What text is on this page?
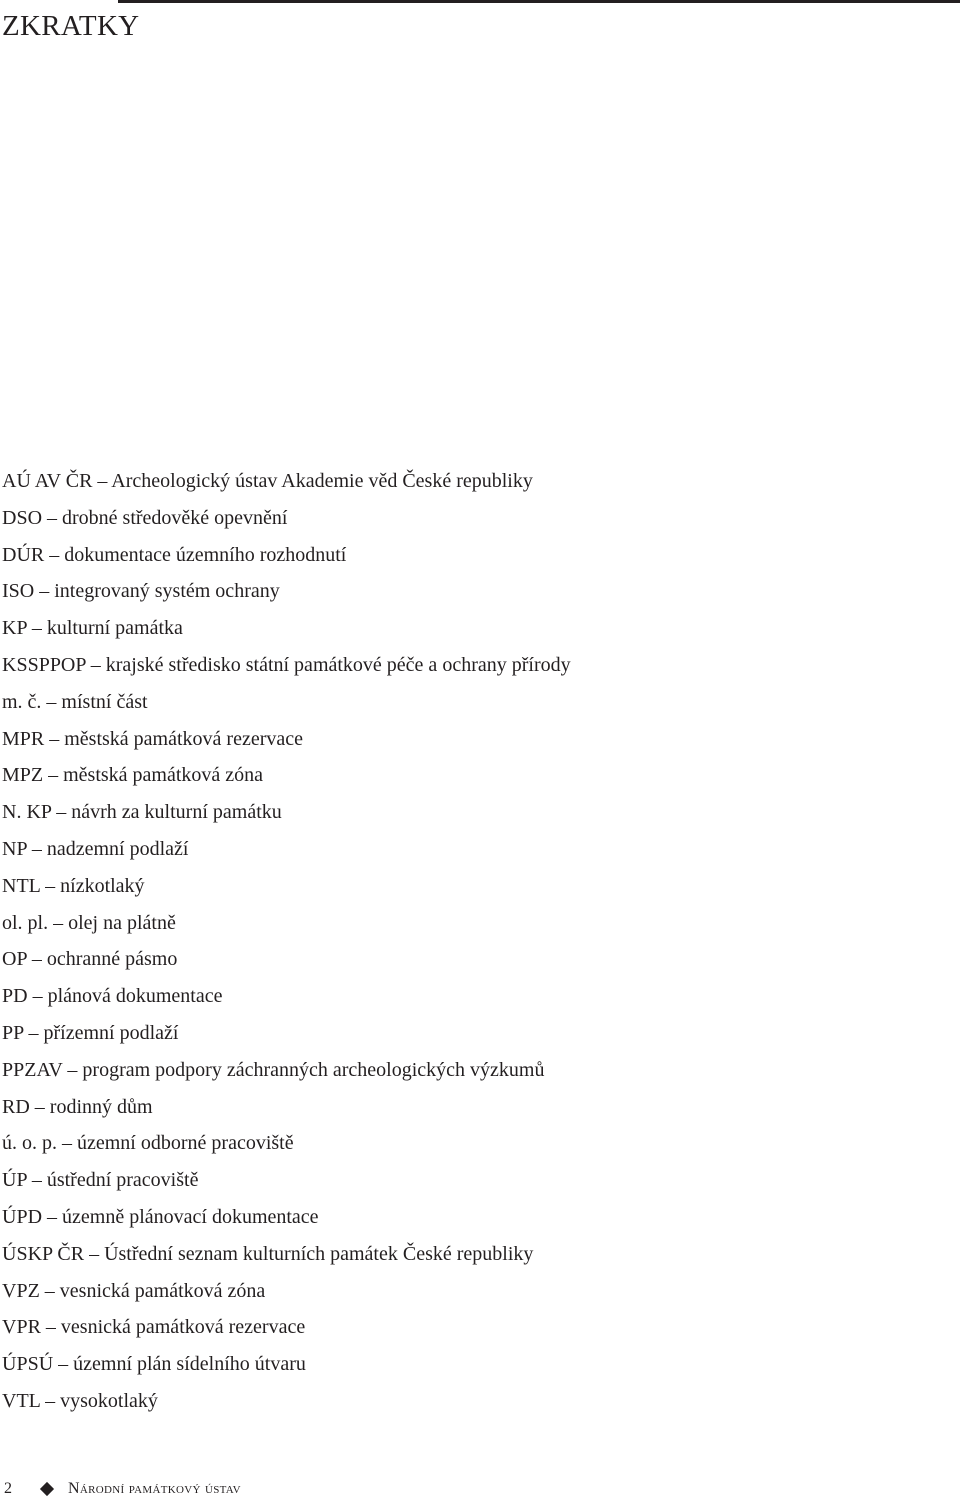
ZKRATKY
AÚ AV ČR – Archeologický ústav Akademie věd České republiky
DSO – drobné středověké opevnění
DÚR – dokumentace územního rozhodnutí
ISO – integrovaný systém ochrany
KP – kulturní památka
KSSPPOP – krajské středisko státní památkové péče a ochrany přírody
m. č. – místní část
MPR – městská památková rezervace
MPZ – městská památková zóna
N. KP – návrh za kulturní památku
NP – nadzemní podlaží
NTL – nízkotlaký
ol. pl. – olej na plátně
OP – ochranné pásmo
PD – plánová dokumentace
PP – přízemní podlaží
PPZAV – program podpory záchranných archeologických výzkumů
RD – rodinný dům
ú. o. p. – územní odborné pracoviště
ÚP – ústřední pracoviště
ÚPD – územně plánovací dokumentace
ÚSKP ČR – Ústřední seznam kulturních památek České republiky
VPZ – vesnická památková zóna
VPR – vesnická památková rezervace
ÚPSÚ – územní plán sídelního útvaru
VTL – vysokotlaký
2	Národní památkový ústav
